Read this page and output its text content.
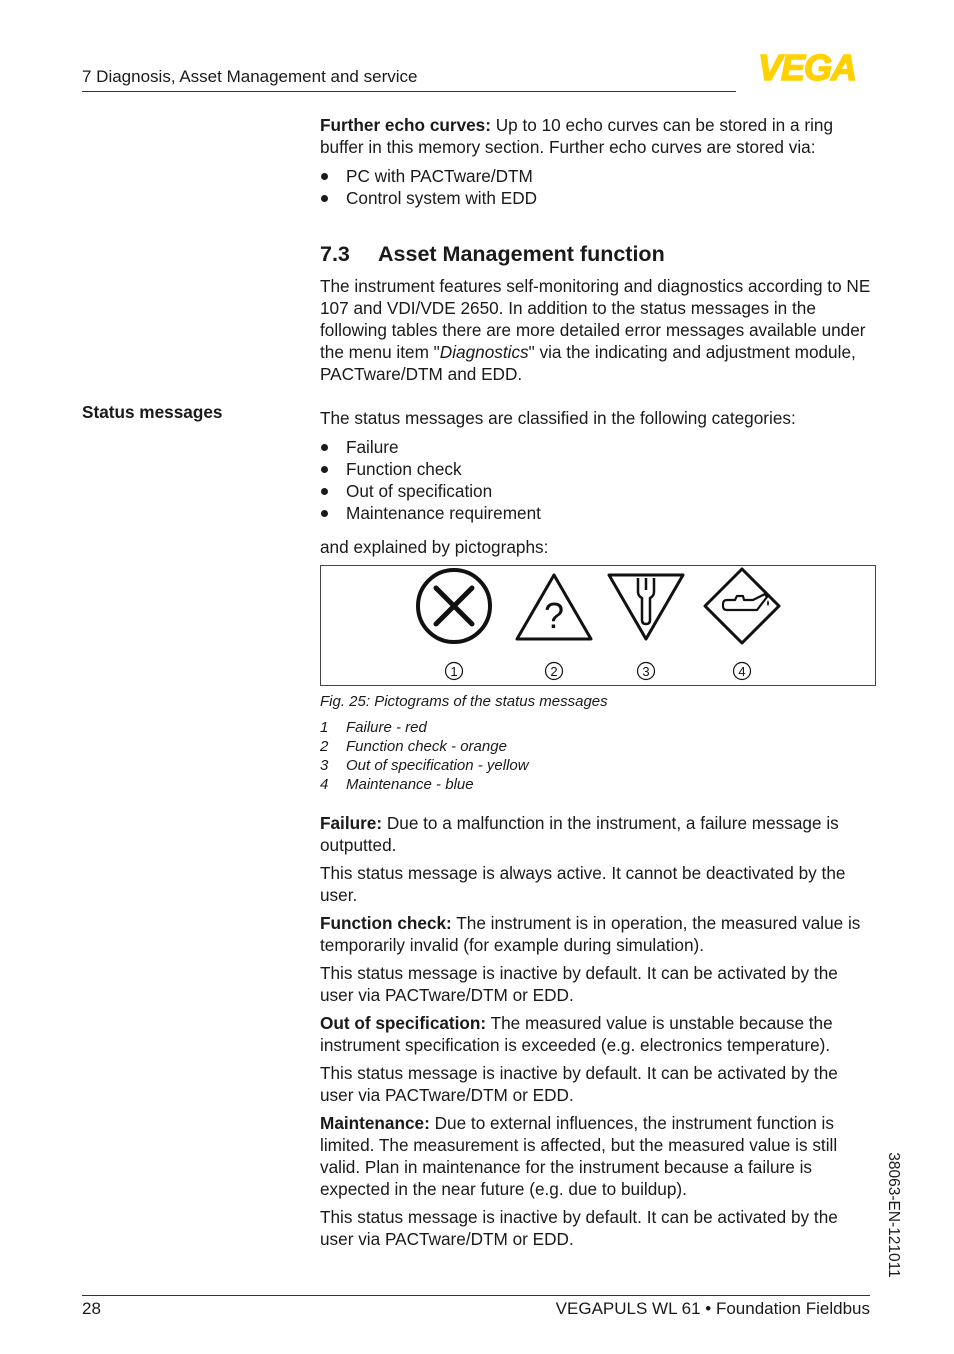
7 Diagnosis, Asset Management and service	VEGA
Status messages

Further echo curves: Up to 10 echo curves can be stored in a ring buffer in this memory section. Further echo curves are stored via:

PC with PACTware/DTM
Control system with EDD
7.3 Asset Management function

The instrument features self-monitoring and diagnostics according to NE 107 and VDI/VDE 2650. In addition to the status messages in the following tables there are more detailed error messages available under the menu item "Diagnostics" via the indicating and adjustment module, PACTware/DTM and EDD.

The status messages are classified in the following categories:

Failure
Function check
Out of specification
Maintenance requirement

and explained by pictographs:

?
1	2	3	4

Fig. 25: Pictograms of the status messages

1	Failure - red
2	Function check - orange
3	Out of specification - yellow
4	Maintenance - blue

Failure: Due to a malfunction in the instrument, a failure message is outputted.

This status message is always active. It cannot be deactivated by the user.

Function check: The instrument is in operation, the measured value is temporarily invalid (for example during simulation).

This status message is inactive by default. It can be activated by the user via PACTware/DTM or EDD.

Out of specification: The measured value is unstable because the instrument specification is exceeded (e.g. electronics temperature).

This status message is inactive by default. It can be activated by the user via PACTware/DTM or EDD.

Maintenance: Due to external influences, the instrument function is limited. The measurement is affected, but the measured value is still valid. Plan in maintenance for the instrument because a failure is expected in the near future (e.g. due to buildup).

This status message is inactive by default. It can be activated by the user via PACTware/DTM or EDD.	38063-EN-121011
28	VEGAPULS WL 61 • Foundation Fieldbus
